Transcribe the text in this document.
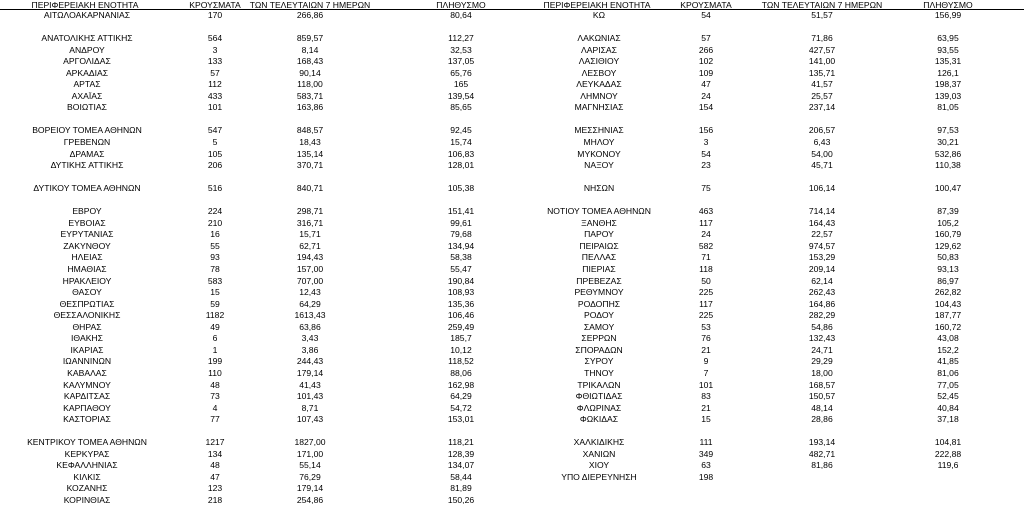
ΠΕΡΙΦΕΡΕΙΑΚΗ ΕΝΟΤΗΤΑ	ΚΡΟΥΣΜΑΤΑ	ΤΩΝ ΤΕΛΕΥΤΑΙΩΝ 7 ΗΜΕΡΩΝ	ΠΛΗΘΥΣΜΟ
ΑΙΤΩΛΟΑΚΑΡΝΑΝΙΑΣ	170	266,86	80,64
ΑΝΑΤΟΛΙΚΗΣ ΑΤΤΙΚΗΣ	564	859,57	112,27
ΑΝΔΡΟΥ	3	8,14	32,53
ΑΡΓΟΛΙΔΑΣ	133	168,43	137,05
ΑΡΚΑΔΙΑΣ	57	90,14	65,76
ΑΡΤΑΣ	112	118,00	165
ΑΧΑΪΑΣ	433	583,71	139,54
ΒΟΙΩΤΙΑΣ	101	163,86	85,65
ΒΟΡΕΙΟΥ ΤΟΜΕΑ ΑΘΗΝΩΝ	547	848,57	92,45
ΓΡΕΒΕΝΩΝ	5	18,43	15,74
ΔΡΑΜΑΣ	105	135,14	106,83
ΔΥΤΙΚΗΣ ΑΤΤΙΚΗΣ	206	370,71	128,01
ΔΥΤΙΚΟΥ ΤΟΜΕΑ ΑΘΗΝΩΝ	516	840,71	105,38
ΕΒΡΟΥ	224	298,71	151,41
ΕΥΒΟΙΑΣ	210	316,71	99,61
ΕΥΡΥΤΑΝΙΑΣ	16	15,71	79,68
ΖΑΚΥΝΘΟΥ	55	62,71	134,94
ΗΛΕΙΑΣ	93	194,43	58,38
ΗΜΑΘΙΑΣ	78	157,00	55,47
ΗΡΑΚΛΕΙΟΥ	583	707,00	190,84
ΘΑΣΟΥ	15	12,43	108,93
ΘΕΣΠΡΩΤΙΑΣ	59	64,29	135,36
ΘΕΣΣΑΛΟΝΙΚΗΣ	1182	1613,43	106,46
ΘΗΡΑΣ	49	63,86	259,49
ΙΘΑΚΗΣ	6	3,43	185,7
ΙΚΑΡΙΑΣ	1	3,86	10,12
ΙΩΑΝΝΙΝΩΝ	199	244,43	118,52
ΚΑΒΑΛΑΣ	110	179,14	88,06
ΚΑΛΥΜΝΟΥ	48	41,43	162,98
ΚΑΡΔΙΤΣΑΣ	73	101,43	64,29
ΚΑΡΠΑΘΟΥ	4	8,71	54,72
ΚΑΣΤΟΡΙΑΣ	77	107,43	153,01
ΚΕΝΤΡΙΚΟΥ ΤΟΜΕΑ ΑΘΗΝΩΝ	1217	1827,00	118,21
ΚΕΡΚΥΡΑΣ	134	171,00	128,39
ΚΕΦΑΛΛΗΝΙΑΣ	48	55,14	134,07
ΚΙΛΚΙΣ	47	76,29	58,44
ΚΟΖΑΝΗΣ	123	179,14	81,89
ΚΟΡΙΝΘΙΑΣ	218	254,86	150,26
ΠΕΡΙΦΕΡΕΙΑΚΗ ΕΝΟΤΗΤΑ	ΚΡΟΥΣΜΑΤΑ	ΤΩΝ ΤΕΛΕΥΤΑΙΩΝ 7 ΗΜΕΡΩΝ	ΠΛΗΘΥΣΜΟ
ΚΩ	54	51,57	156,99
ΛΑΚΩΝΙΑΣ	57	71,86	63,95
ΛΑΡΙΣΑΣ	266	427,57	93,55
ΛΑΣΙΘΙΟΥ	102	141,00	135,31
ΛΕΣΒΟΥ	109	135,71	126,1
ΛΕΥΚΑΔΑΣ	47	41,57	198,37
ΛΗΜΝΟΥ	24	25,57	139,03
ΜΑΓΝΗΣΙΑΣ	154	237,14	81,05
ΜΕΣΣΗΝΙΑΣ	156	206,57	97,53
ΜΗΛΟΥ	3	6,43	30,21
ΜΥΚΟΝΟΥ	54	54,00	532,86
ΝΑΞΟΥ	23	45,71	110,38
ΝΗΣΩΝ	75	106,14	100,47
ΝΟΤΙΟΥ ΤΟΜΕΑ ΑΘΗΝΩΝ	463	714,14	87,39
ΞΑΝΘΗΣ	117	164,43	105,2
ΠΑΡΟΥ	24	22,57	160,79
ΠΕΙΡΑΙΩΣ	582	974,57	129,62
ΠΕΛΛΑΣ	71	153,29	50,83
ΠΙΕΡΙΑΣ	118	209,14	93,13
ΠΡΕΒΕΖΑΣ	50	62,14	86,97
ΡΕΘΥΜΝΟΥ	225	262,43	262,82
ΡΟΔΟΠΗΣ	117	164,86	104,43
ΡΟΔΟΥ	225	282,29	187,77
ΣΑΜΟΥ	53	54,86	160,72
ΣΕΡΡΩΝ	76	132,43	43,08
ΣΠΟΡΑΔΩΝ	21	24,71	152,2
ΣΥΡΟΥ	9	29,29	41,85
ΤΗΝΟΥ	7	18,00	81,06
ΤΡΙΚΑΛΩΝ	101	168,57	77,05
ΦΘΙΩΤΙΔΑΣ	83	150,57	52,45
ΦΛΩΡΙΝΑΣ	21	48,14	40,84
ΦΩΚΙΔΑΣ	15	28,86	37,18
ΧΑΛΚΙΔΙΚΗΣ	111	193,14	104,81
ΧΑΝΙΩΝ	349	482,71	222,88
ΧΙΟΥ	63	81,86	119,6
ΥΠΟ ΔΙΕΡΕΥΝΗΣΗ	198
